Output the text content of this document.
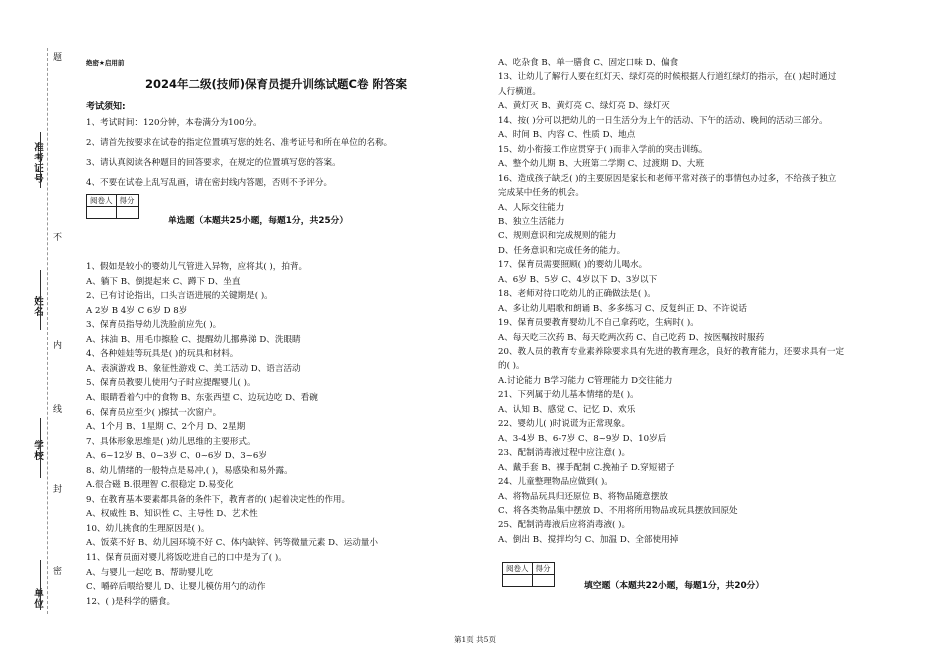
题
准考证号
不
姓名
内
线
学校
封
密
单位
绝密★启用前
2024年二级(技师)保育员提升训练试题C卷 附答案
考试须知:
1、考试时间：120分钟，本卷满分为100分。
2、请首先按要求在试卷的指定位置填写您的姓名、准考证号和所在单位的名称。
3、请认真阅读各种题目的回答要求，在规定的位置填写您的答案。
4、不要在试卷上乱写乱画，请在密封线内答题，否则不予评分。
阅卷人	得分

单选题（本题共25小题，每题1分，共25分）
1、假如是较小的婴幼儿气管进入异物，应将其( )，拍背。
A、躺下 B、倒提起来 C、蹲下 D、坐直
2、已有讨论指出，口头言语进展的关键期是( )。
A 2岁 B 4岁 C 6岁 D 8岁
3、保育员指导幼儿洗脸前应先( )。
A、抹油 B、用毛巾擦脸 C、提醒幼儿挪鼻涕 D、洗眼睛
4、各种娃娃等玩具是( )的玩具和材料。
A、表演游戏 B、象征性游戏 C、美工活动 D、语言活动
5、保育员教要儿使用勺子时应提醒婴儿( )。
A、眼睛看着勺中的食物 B、东张西望 C、边玩边吃 D、看碗
6、保育员应至少( )擦拭一次窗户。
A、1个月 B、1星期 C、2个月 D、2星期
7、具体形象思维是( )幼儿思维的主要形式。
A、6~12岁 B、0~3岁 C、0~6岁 D、3~6岁
8、幼儿情绪的一般特点是易冲,( )，易感染和易外露。
A.很合磁 B.很理智 C.很稳定 D.易变化
9、在教育基本要素都具备的条件下，教育者的( )起着决定性的作用。
A、权威性 B、知识性 C、主导性 D、艺术性
10、幼儿挑食的生理原因是( )。
A、饭菜不好 B、幼儿园环境不好 C、体内缺锌、钙等微量元素 D、运动量小
11、保育员面对婴儿将饭吃进自己的口中是为了( )。
A、与婴儿一起吃 B、帮助婴儿吃
C、嚼碎后喂给婴儿 D、让婴儿模仿用勺的动作
12、( )是科学的膳食。
A、吃杂食 B、单一膳食 C、固定口味 D、偏食
13、让幼儿了解行人要在红灯天、绿灯亮的时候根据人行道红绿灯的指示，在( )起时通过
人行横道。
A、黄灯灭 B、黄灯亮 C、绿灯亮 D、绿灯灭
14、按( )分可以把幼儿的一日生活分为上午的活动、下午的活动、晚间的活动三部分。
A、时间 B、内容 C、性质 D、地点
15、幼小衔接工作应贯穿于( )而非入学前的突击训练。
A、整个幼儿期 B、大班第二学期 C、过渡期 D、大班
16、造成孩子缺乏( )的主要原因是家长和老师平常对孩子的事情包办过多，不给孩子独立
完成某中任务的机会。
A、人际交往能力
B、独立生活能力
C、规则意识和完成规则的能力
D、任务意识和完成任务的能力。
17、保育员需要照顾( )的婴幼儿喝水。
A、6岁 B、5岁 C、4岁以下 D、3岁以下
18、老师对待口吃幼儿的正确做法是( )。
A、多让幼儿唱歌和朗诵 B、多多练习 C、反复纠正 D、不许说话
19、保育员要教育婴幼儿不自己拿药吃，生病时( )。
A、每天吃三次药 B、每天吃两次药 C、自己吃药 D、按医嘱按时服药
20、教人员的教育专业素养除要求具有先进的教育理念，良好的教育能力，还要求具有一定
的( )。
A.讨论能力 B学习能力 C管理能力 D交往能力
21、下列属于幼儿基本情绪的是( )。
A、认知 B、感觉 C、记忆 D、欢乐
22、婴幼儿( )时说谎为正常现象。
A、3-4岁 B、6-7岁 C、8~9岁 D、10岁后
23、配制消毒液过程中应注意( )。
A、戴手套 B、裸手配制 C.挽袖子 D.穿短裙子
24、儿童整理物品应做到( )。
A、将物品玩具归还原位 B、将物品随意摆放
C、将各类物品集中摆放 D、不用将所用物品或玩具摆放回原处
25、配制消毒液后应将消毒液( )。
A、倒出 B、搅拌均匀 C、加温 D、全部使用掉
阅卷人	得分

填空题（本题共22小题，每题1分，共20分）
第1页 共5页
